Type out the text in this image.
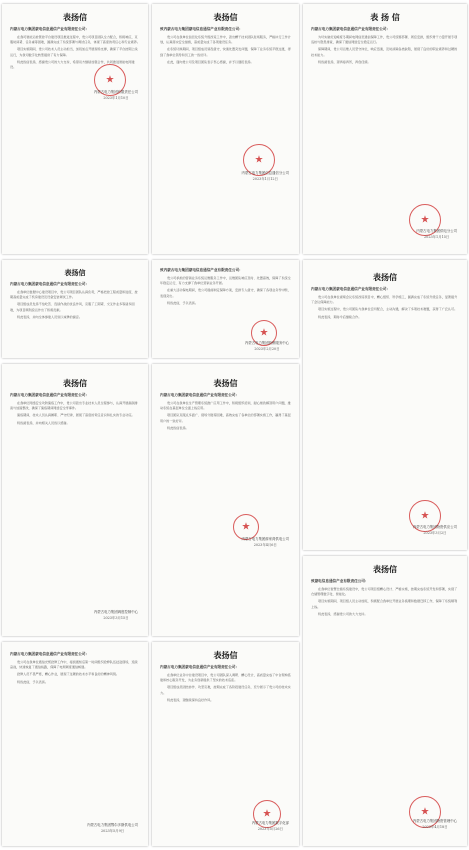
表扬信
内蒙古电力集团蒙电信息通信产业有限责任公司：

在我司智能运检管控平台建设项目推进过程中，贵公司项目团队全力配合，积极响应，克服时间紧、任务重等困难，圆满完成了系统部署与调试任务，体现了高度的责任心和专业素养。

项目实施期间，贵公司技术人员主动担当，加班加点开展现场支撑，确保了平台按期上线运行，为我司数字化转型提供了有力保障。

特此致信表扬，感谢贵公司的大力支持，希望双方继续加强合作，共同推进智能电网建设。

★
内蒙古电力集团有限责任公司
2023年1月10日
表扬信
致内蒙古电力集团蒙电信息通信产业有限责任公司：

贵公司在我单位信息化系统升级改造工作中，派出精干技术团队驻场服务，严格执行工作计划，认真落实安全措施，高质量完成了各项建设任务。

在系统切换期间，项目组成员昼夜值守，快速处置突发问题，保障了业务系统平稳过渡，得到了我单位领导和员工的一致好评。

在此，谨向贵公司及项目团队表示衷心感谢，并予以通报表扬。

★
内蒙古电力集团信息通信分公司
2023年1月12日
表 扬 信
内蒙古电力集团蒙电信息通信产业有限责任公司：

为切实做好迎峰度冬期间电网信息通信保障工作，贵公司统筹部署、周密安排，组织骨干力量开展专项巡检与隐患排查，确保了通信网络安全稳定运行。

保障期间，贵公司运维人员坚守岗位，响应迅速，及时消除各类缺陷，展现了良好的职业素养和过硬的技术能力。

特致函表扬，望再接再厉，再创佳绩。

★
内蒙古电力集团供电分公司
2023年1月15日
表扬信
内蒙古电力集团蒙电信息通信产业有限责任公司：

在我单位数据中心建设项目中，贵公司项目团队认真负责，严格把控工程质量和进度，按期高质量完成了机房建设及设备安装调试工作。

项目组成员发扬不怕吃苦、连续作战的优良作风，克服了工期紧、交叉作业多等诸多困难，为项目顺利投运作出了积极贡献。

特此表扬，并向全体参建人员致以诚挚的谢意。

致内蒙古电力集团蒙电信息通信产业有限责任公司：

贵公司承担的营销业务系统运维服务工作中，运维团队响应及时、处置高效，保障了系统全年稳定运行，有力支撑了我单位营销业务开展。

在重大活动保电期间，贵公司提前制定保障方案，安排专人值守，确保了各项业务零中断，表现突出。

特致此信，予以表扬。

★
内蒙古电力集团营销服务中心
2023年2月20日
表扬信
内蒙古电力集团蒙电信息通信产业有限责任公司：

贵公司在我单位视频会议系统改造项目中，精心组织、科学施工，圆满完成了系统升级任务，显著提升了会议保障能力。

项目实施过程中，贵公司团队与我单位密切配合，主动沟通，解决了多项技术难题，获得了广泛认可。

特此表扬，期待今后继续合作。

★
内蒙古电力集团物资供应公司
2023年3月2日
表扬信
内蒙古电力集团蒙电信息通信产业有限责任公司：

在我单位网络安全攻防演练工作中，贵公司派出专业技术人员全程参与，认真开展漏洞排查与加固整改，确保了演练期间网络安全零事件。

演练期间，技术人员认真履职、严守纪律，展现了高度的责任意识和扎实的专业功底。

特致函表扬，并向相关人员致以感谢。

内蒙古电力集团调度控制中心
2023年3月15日
表扬信
内蒙古电力集团蒙电信息通信产业有限责任公司：

贵公司在我单位生产管理系统推广应用工作中，积极组织培训，耐心细致解答用户问题，推动系统在基层单位全面上线应用。

项目团队克服点多面广、现场分散等困难，高效完成了各单位的部署实施工作，赢得了基层用户的一致好评。

特此致信表扬。

★
内蒙古电力集团薛家湾供电公司
2023年4月6日
表扬信
致蒙电信息通信产业有限责任公司：

在我单位智慧仓储系统建设中，贵公司项目组精心设计、严格实施，按期完成系统开发和部署，实现了仓储管理数字化、智能化。

项目实施期间，项目组人员主动加班，积极配合我单位开展业务梳理和数据迁移工作，保障了系统顺利上线。

特此表扬，感谢贵公司的大力支持。

★
内蒙古电力集团物资管理中心
2023年4月18日
内蒙古电力集团蒙电信息通信产业有限责任公司：

贵公司在我单位通信光缆抢修工作中，接到通知后第一时间组织抢修队伍赶赴现场，连续奋战，快速恢复了通信线路，保障了电网调度通信畅通。

抢修人员不畏严寒，精心作业，展现了过硬的技术水平和良好的精神风貌。

特致此信，予以表扬。

内蒙古电力集团鄂尔多斯供电公司
2023年5月9日
表扬信
内蒙古电力集团蒙电信息通信产业有限责任公司：

在我单位业务中台建设项目中，贵公司团队深入调研、精心设计，高质量完成了中台架构搭建和核心服务开发，为业务创新提供了坚实的技术底座。

项目组成员团结协作、攻坚克难，按期完成了各阶段建设任务，充分展示了贵公司的技术实力。

特此表扬，望继续保持良好作风。

★
内蒙古电力集团数字化部
2023年5月26日
